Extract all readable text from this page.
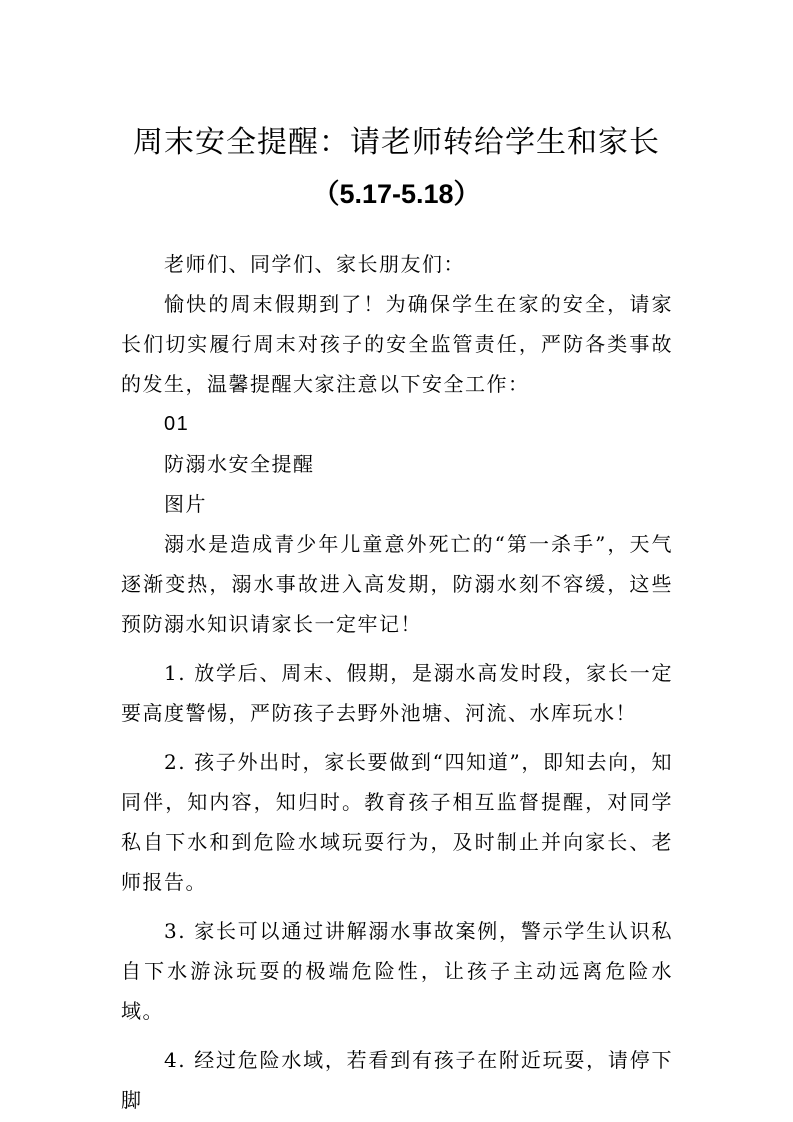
周末安全提醒：请老师转给学生和家长
（5.17-5.18）

老师们、同学们、家长朋友们：

愉快的周末假期到了！为确保学生在家的安全，请家长们切实履行周末对孩子的安全监管责任，严防各类事故的发生，温馨提醒大家注意以下安全工作：

01

防溺水安全提醒

图片

溺水是造成青少年儿童意外死亡的“第一杀手”，天气逐渐变热，溺水事故进入高发期，防溺水刻不容缓，这些预防溺水知识请家长一定牢记！

1. 放学后、周末、假期，是溺水高发时段，家长一定要高度警惕，严防孩子去野外池塘、河流、水库玩水！

2. 孩子外出时，家长要做到“四知道”，即知去向，知同伴，知内容，知归时。教育孩子相互监督提醒，对同学私自下水和到危险水域玩耍行为，及时制止并向家长、老师报告。

3. 家长可以通过讲解溺水事故案例，警示学生认识私自下水游泳玩耍的极端危险性，让孩子主动远离危险水域。

4. 经过危险水域，若看到有孩子在附近玩耍，请停下脚
